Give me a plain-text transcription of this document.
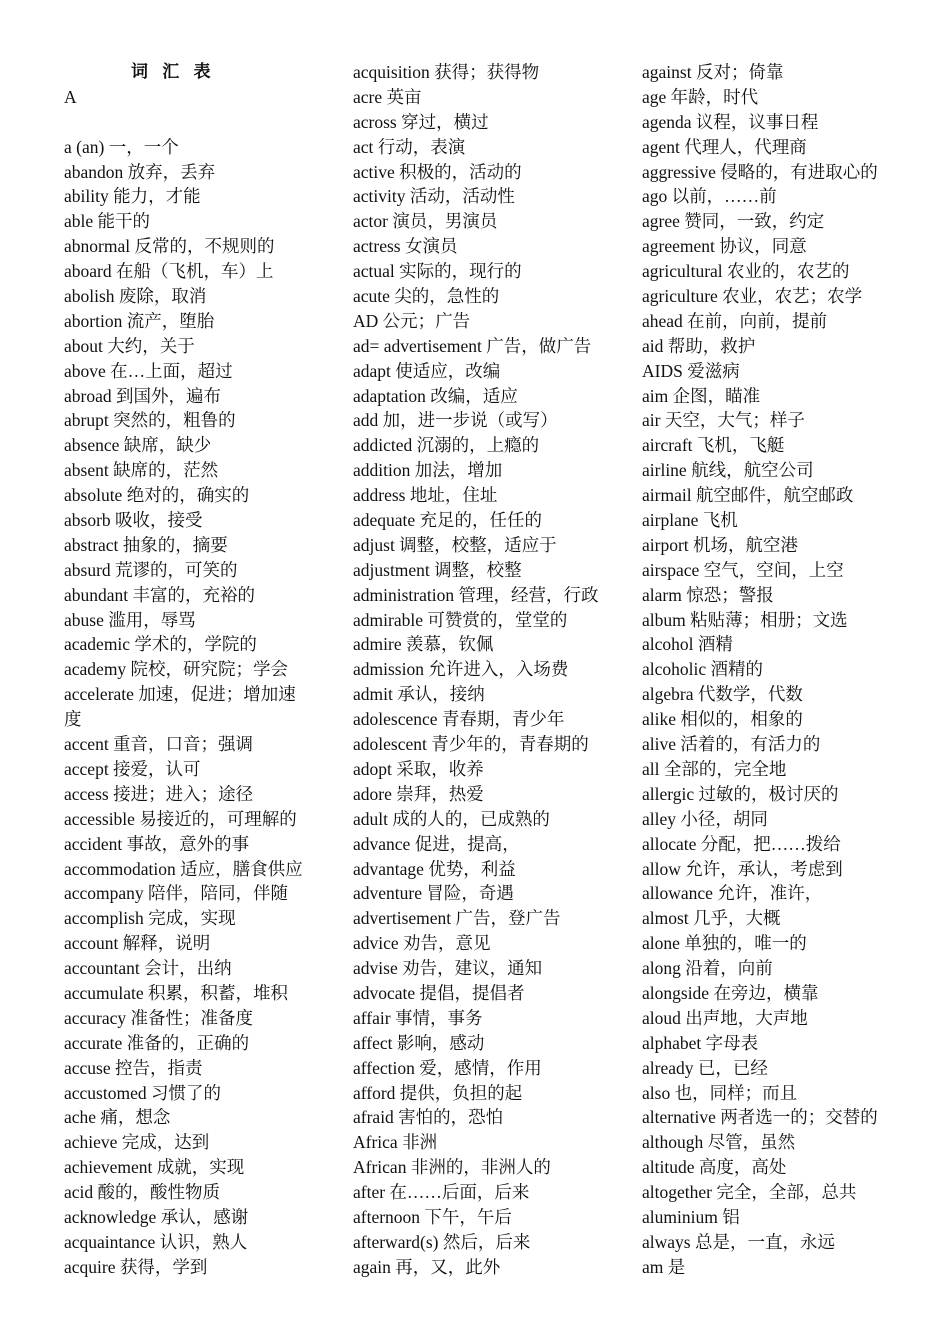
词 汇 表
A
a (an) 一，一个
abandon 放弃，丢弃
ability 能力，才能
able 能干的
abnormal 反常的，不规则的
aboard 在船（飞机，车）上
abolish 废除，取消
abortion 流产，堕胎
about 大约，关于
above 在…上面，超过
abroad 到国外，遍布
abrupt 突然的，粗鲁的
absence 缺席，缺少
absent 缺席的，茫然
absolute 绝对的，确实的
absorb 吸收，接受
abstract 抽象的，摘要
absurd 荒谬的，可笑的
abundant 丰富的，充裕的
abuse 滥用，辱骂
academic 学术的，学院的
academy 院校，研究院；学会
accelerate 加速，促进；增加速
度
accent 重音，口音；强调
accept 接爱，认可
access 接进；进入；途径
accessible 易接近的，可理解的
accident 事故，意外的事
accommodation 适应，膳食供应
accompany 陪伴，陪同，伴随
accomplish 完成，实现
account 解释，说明
accountant 会计，出纳
accumulate 积累，积蓄，堆积
accuracy 准备性；准备度
accurate 准备的，正确的
accuse 控告，指责
accustomed 习惯了的
ache 痛，想念
achieve 完成，达到
achievement 成就，实现
acid 酸的，酸性物质
acknowledge 承认，感谢
acquaintance 认识，熟人
acquire 获得，学到
acquisition 获得；获得物
acre 英亩
across 穿过，横过
act 行动，表演
active 积极的，活动的
activity 活动，活动性
actor 演员，男演员
actress 女演员
actual 实际的，现行的
acute 尖的，急性的
AD 公元；广告
ad= advertisement 广告，做广告
adapt 使适应，改编
adaptation 改编，适应
add 加，进一步说（或写）
addicted 沉溺的，上瘾的
addition 加法，增加
address 地址，住址
adequate 充足的，任任的
adjust 调整，校整，适应于
adjustment 调整，校整
administration 管理，经营，行政
admirable 可赞赏的，堂堂的
admire 羡慕，钦佩
admission 允许进入，入场费
admit 承认，接纳
adolescence 青春期，青少年
adolescent 青少年的，青春期的
adopt 采取，收养
adore 崇拜，热爱
adult 成的人的，已成熟的
advance 促进，提高，
advantage 优势，利益
adventure 冒险，奇遇
advertisement 广告，登广告
advice 劝告，意见
advise 劝告，建议，通知
advocate 提倡，提倡者
affair 事情，事务
affect 影响，感动
affection 爱，感情，作用
afford 提供，负担的起
afraid 害怕的，恐怕
Africa 非洲
African 非洲的，非洲人的
after 在……后面，后来
afternoon 下午，午后
afterward(s) 然后，后来
again 再，又，此外
against 反对；倚靠
age 年龄，时代
agenda 议程，议事日程
agent 代理人，代理商
aggressive 侵略的，有进取心的
ago 以前，……前
agree 赞同，一致，约定
agreement 协议，同意
agricultural 农业的，农艺的
agriculture 农业，农艺；农学
ahead 在前，向前，提前
aid 帮助，救护
AIDS 爱滋病
aim 企图，瞄准
air 天空，大气；样子
aircraft 飞机，飞艇
airline 航线，航空公司
airmail 航空邮件，航空邮政
airplane 飞机
airport 机场，航空港
airspace 空气，空间，上空
alarm 惊恐；警报
album 粘贴薄；相册；文选
alcohol 酒精
alcoholic 酒精的
algebra 代数学，代数
alike 相似的，相象的
alive 活着的，有活力的
all 全部的，完全地
allergic 过敏的，极讨厌的
alley 小径，胡同
allocate 分配，把……拨给
allow 允许，承认，考虑到
allowance 允许，准许，
almost 几乎，大概
alone 单独的，唯一的
along 沿着，向前
alongside 在旁边，横靠
aloud 出声地，大声地
alphabet 字母表
already 已，已经
also 也，同样；而且
alternative 两者选一的；交替的
although 尽管，虽然
altitude 高度，高处
altogether 完全，全部，总共
aluminium 铝
always 总是，一直，永远
am 是
